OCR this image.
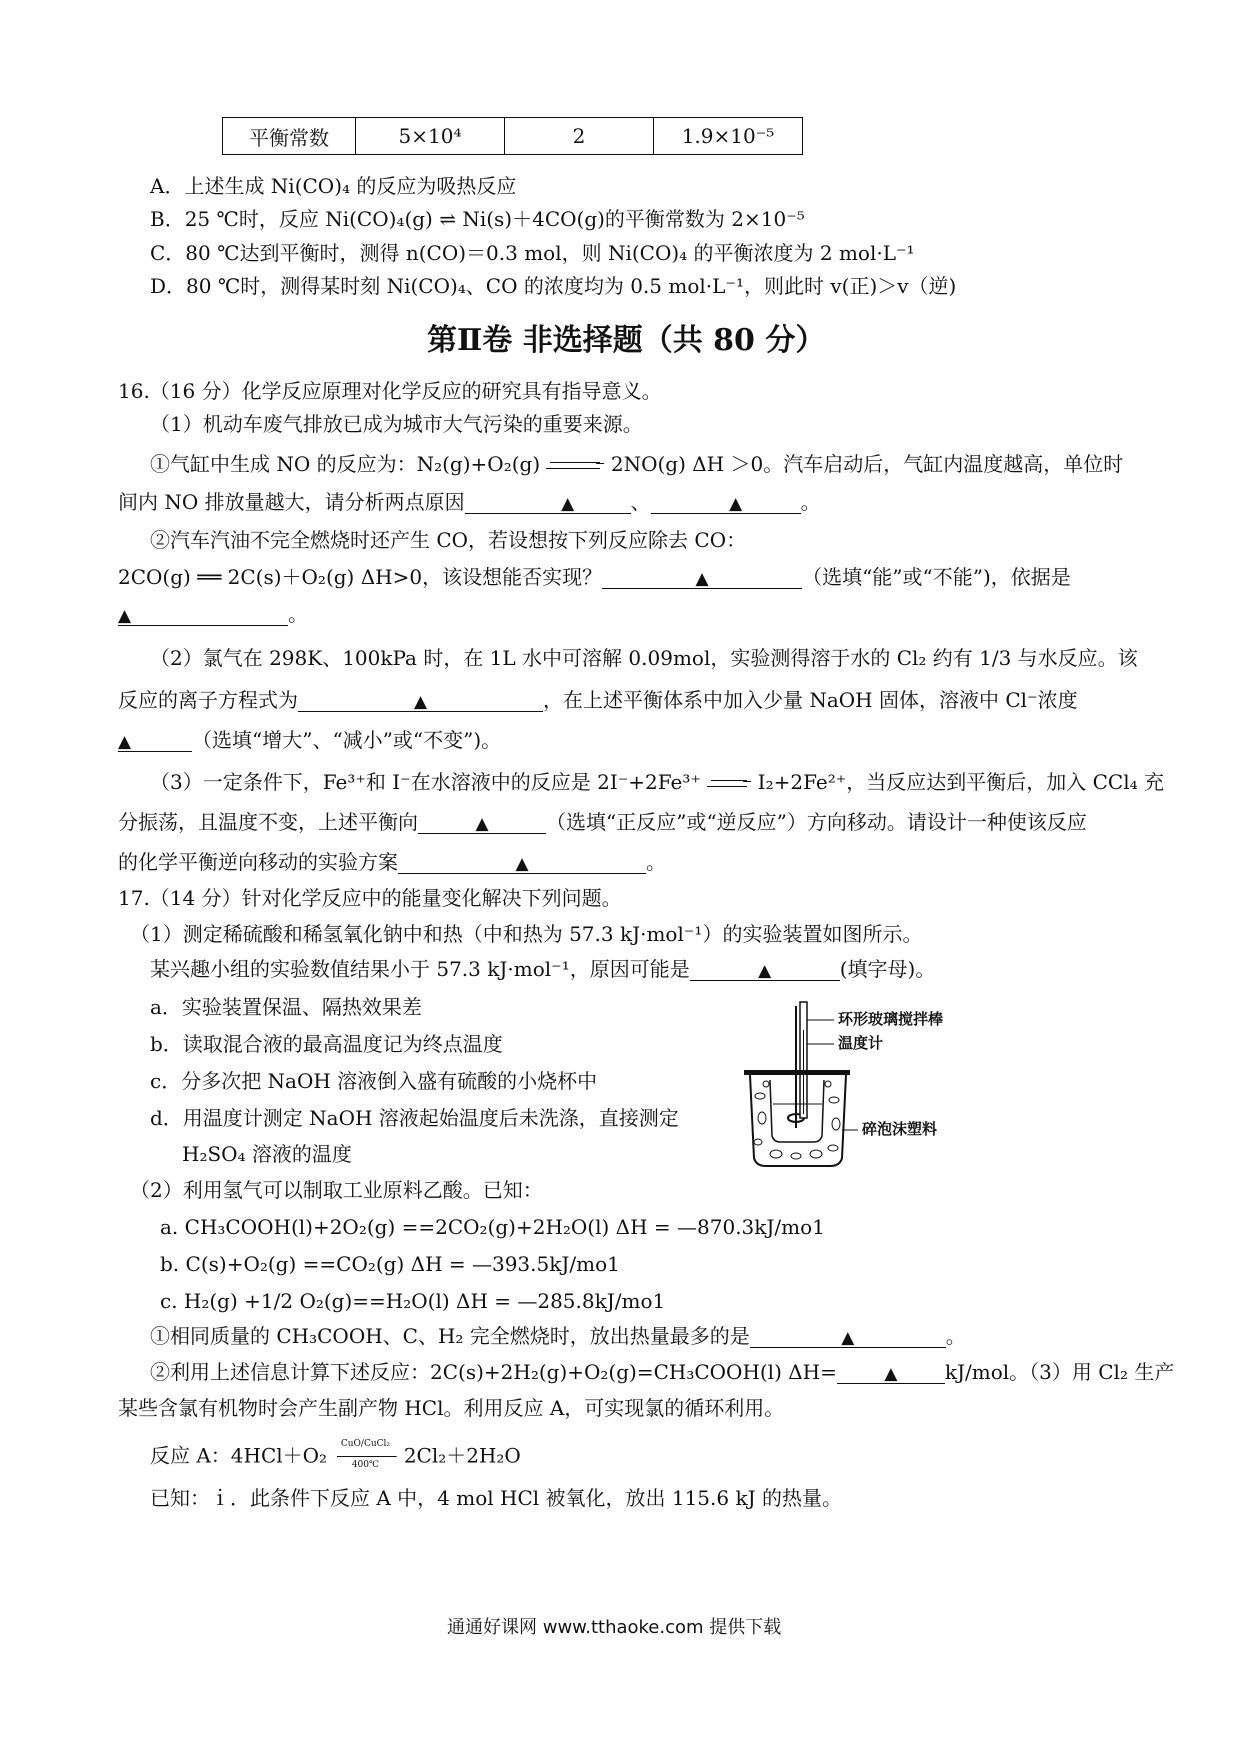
平衡常数	5×10⁴	2	1.9×10⁻⁵
A．上述生成 Ni(CO)₄ 的反应为吸热反应
B．25 ℃时，反应 Ni(CO)₄(g) ⇌ Ni(s)＋4CO(g)的平衡常数为 2×10⁻⁵
C．80 ℃达到平衡时，测得 n(CO)＝0.3 mol，则 Ni(CO)₄ 的平衡浓度为 2 mol·L⁻¹
D．80 ℃时，测得某时刻 Ni(CO)₄、CO 的浓度均为 0.5 mol·L⁻¹，则此时 v(正)＞v（逆)
第Ⅱ卷 非选择题（共 80 分）
16.（16 分）化学反应原理对化学反应的研究具有指导意义。
（1）机动车废气排放已成为城市大气污染的重要来源。
①气缸中生成 NO 的反应为：N₂(g)+O₂(g)	2NO(g) ΔH ＞0。汽车启动后，气缸内温度越高，单位时
间内 NO 排放量越大，请分析两点原因	▲	、	▲	。
②汽车汽油不完全燃烧时还产生 CO，若设想按下列反应除去 CO：
2CO(g) ══ 2C(s)＋O₂(g) ΔH>0，该设想能否实现？	▲	（选填“能”或“不能”)，依据是
▲	。
（2）氯气在 298K、100kPa 时，在 1L 水中可溶解 0.09mol，实验测得溶于水的 Cl₂ 约有 1/3 与水反应。该
反应的离子方程式为	▲	，在上述平衡体系中加入少量 NaOH 固体，溶液中 Cl⁻浓度
▲	（选填“增大”、“减小”或“不变”)。
（3）一定条件下，Fe³⁺和 I⁻在水溶液中的反应是 2I⁻+2Fe³⁺	I₂+2Fe²⁺，当反应达到平衡后，加入 CCl₄ 充
分振荡，且温度不变，上述平衡向	▲	（选填“正反应”或“逆反应”）方向移动。请设计一种使该反应
的化学平衡逆向移动的实验方案	▲	。
17.（14 分）针对化学反应中的能量变化解决下列问题。
（1）测定稀硫酸和稀氢氧化钠中和热（中和热为 57.3 kJ·mol⁻¹）的实验装置如图所示。
某兴趣小组的实验数值结果小于 57.3 kJ·mol⁻¹，原因可能是	▲	(填字母)。
a．实验装置保温、隔热效果差
b．读取混合液的最高温度记为终点温度
c．分多次把 NaOH 溶液倒入盛有硫酸的小烧杯中
d．用温度计测定 NaOH 溶液起始温度后未洗涤，直接测定
H₂SO₄ 溶液的温度
环形玻璃搅拌棒
温度计
碎泡沫塑料
（2）利用氢气可以制取工业原料乙酸。已知：
a. CH₃COOH(l)+2O₂(g) ==2CO₂(g)+2H₂O(l) ΔH = —870.3kJ/mo1
b. C(s)+O₂(g) ==CO₂(g) ΔH = —393.5kJ/mo1
c. H₂(g) +1/2 O₂(g)==H₂O(l) ΔH = —285.8kJ/mo1
①相同质量的 CH₃COOH、C、H₂ 完全燃烧时，放出热量最多的是	▲	。
②利用上述信息计算下述反应：2C(s)+2H₂(g)+O₂(g)=CH₃COOH(l) ΔH=	▲ kJ/mol。（3）用 Cl₂ 生产
某些含氯有机物时会产生副产物 HCl。利用反应 A，可实现氯的循环利用。
反应 A：4HCl＋O₂	CuO/CuCl₂
400℃	2Cl₂＋2H₂O
已知：ｉ．此条件下反应 A 中，4 mol HCl 被氧化，放出 115.6 kJ 的热量。
通通好课网 www.tthaoke.com 提供下载
